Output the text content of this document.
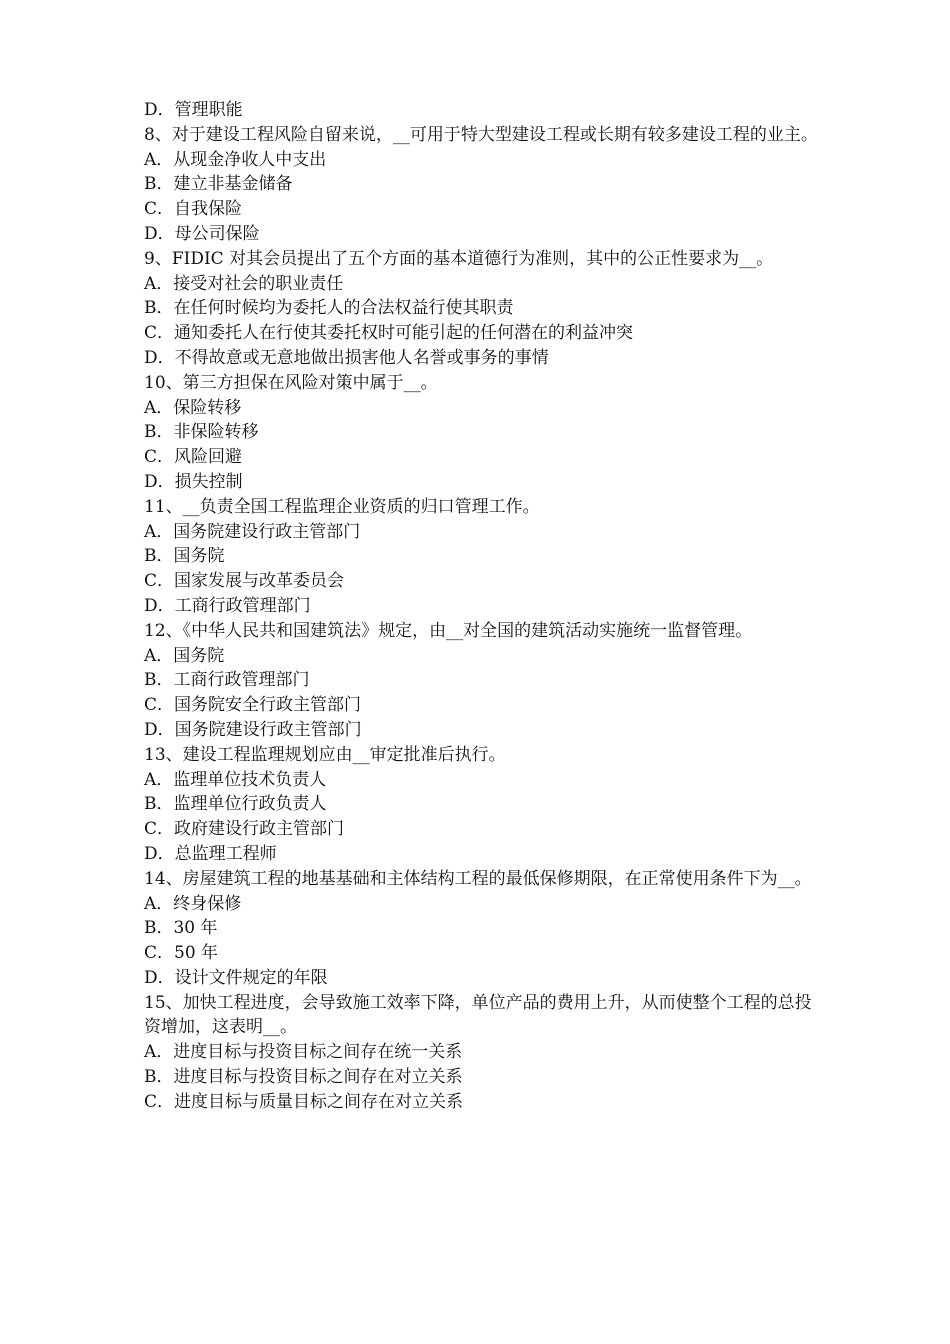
D．管理职能

8、对于建设工程风险自留来说，__可用于特大型建设工程或长期有较多建设工程的业主。

A．从现金净收人中支出

B．建立非基金储备

C．自我保险

D．母公司保险

9、FIDIC 对其会员提出了五个方面的基本道德行为准则，其中的公正性要求为__。

A．接受对社会的职业责任

B．在任何时候均为委托人的合法权益行使其职责

C．通知委托人在行使其委托权时可能引起的任何潜在的利益冲突

D．不得故意或无意地做出损害他人名誉或事务的事情

10、第三方担保在风险对策中属于__。

A．保险转移

B．非保险转移

C．风险回避

D．损失控制

11、__负责全国工程监理企业资质的归口管理工作。

A．国务院建设行政主管部门

B．国务院

C．国家发展与改革委员会

D．工商行政管理部门

12、《中华人民共和国建筑法》规定，由__对全国的建筑活动实施统一监督管理。

A．国务院

B．工商行政管理部门

C．国务院安全行政主管部门

D．国务院建设行政主管部门

13、建设工程监理规划应由__审定批准后执行。

A．监理单位技术负责人

B．监理单位行政负责人

C．政府建设行政主管部门

D．总监理工程师

14、房屋建筑工程的地基基础和主体结构工程的最低保修期限，在正常使用条件下为__。

A．终身保修

B．30 年

C．50 年

D．设计文件规定的年限

15、加快工程进度，会导致施工效率下降，单位产品的费用上升，从而使整个工程的总投资增加，这表明__。

A．进度目标与投资目标之间存在统一关系

B．进度目标与投资目标之间存在对立关系

C．进度目标与质量目标之间存在对立关系
